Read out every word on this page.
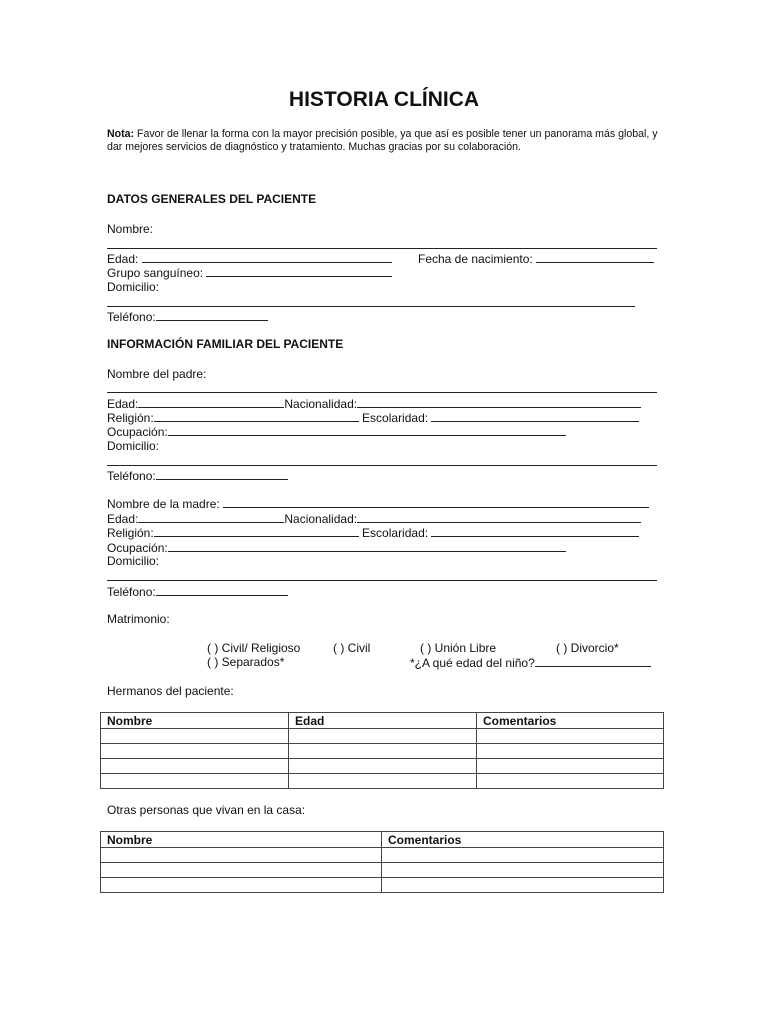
HISTORIA CLÍNICA
Nota: Favor de llenar la forma con la mayor precisión posible, ya que así es posible tener un panorama más global, y dar mejores servicios de diagnóstico y tratamiento. Muchas gracias por su colaboración.
DATOS GENERALES DEL PACIENTE
Nombre:
Edad:	Fecha de nacimiento:
Grupo sanguíneo:
Domicilio:
Teléfono:
INFORMACIÓN FAMILIAR DEL PACIENTE
Nombre del padre:
Edad:	Nacionalidad:
Religión:	Escolaridad:
Ocupación:
Domicilio:
Teléfono:
Nombre de la madre:
Edad:	Nacionalidad:
Religión:	Escolaridad:
Ocupación:
Domicilio:
Teléfono:
Matrimonio:
( ) Civil/ Religioso	( ) Civil	( ) Unión Libre	( ) Divorcio*
( ) Separados*	*¿A qué edad del niño?
Hermanos del paciente:
Nombre	Edad	Comentarios

Otras personas que vivan en la casa:
Nombre	Comentarios
